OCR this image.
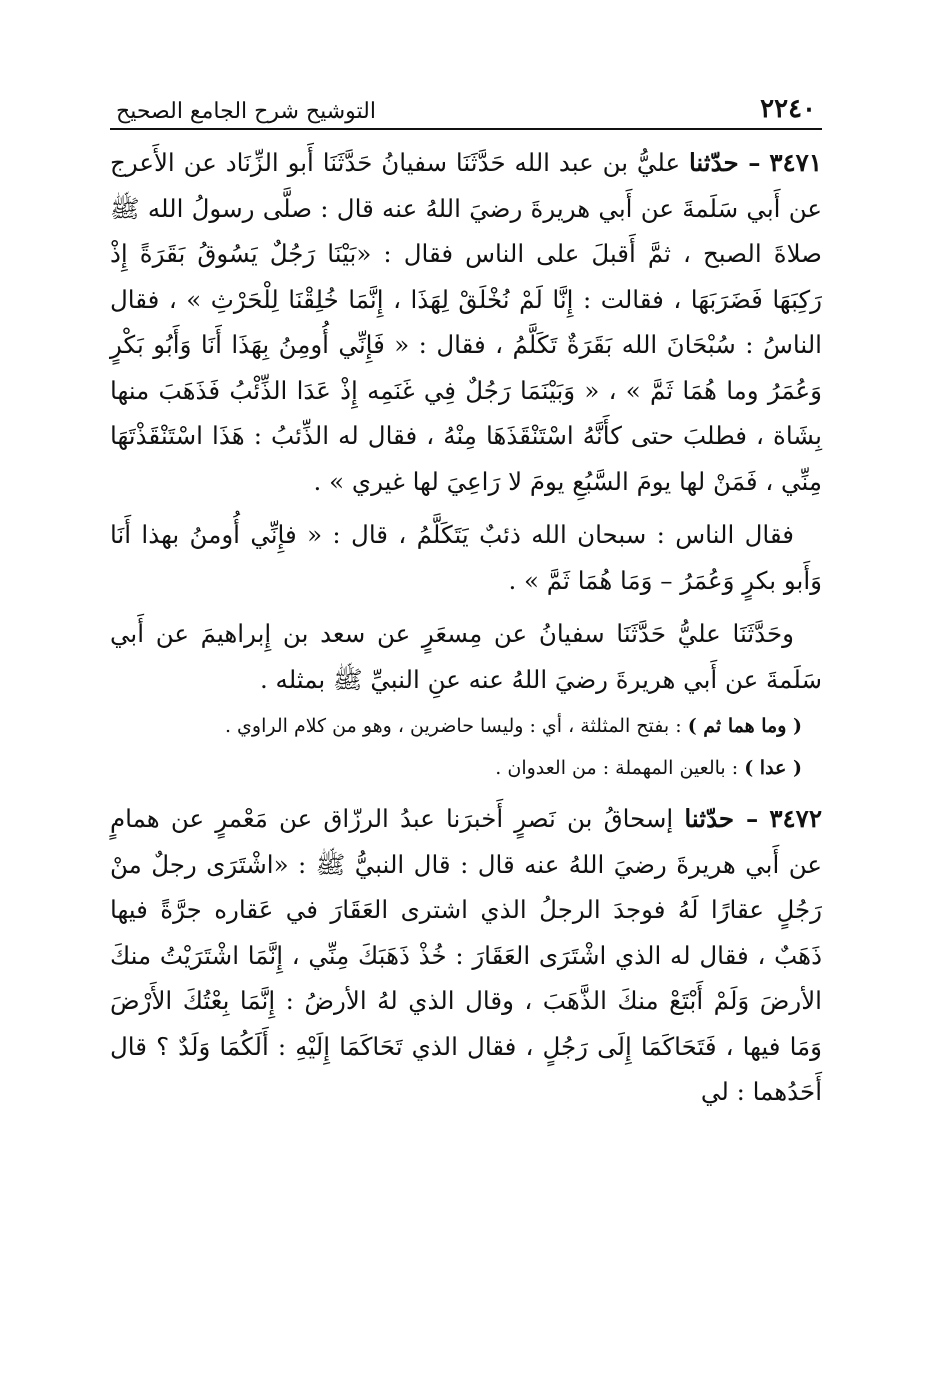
٢٢٤٠
التوشيح شرح الجامع الصحيح
٣٤٧١ – حدّثنا عليُّ بن عبد الله حَدَّثَنَا سفيانُ حَدَّثَنَا أَبو الزِّنَاد عن الأَعرج عن أَبي سَلَمةَ عن أَبي هريرةَ رضيَ اللهُ عنه قال : صلَّى رسولُ الله ﷺ صلاةَ الصبح ، ثمَّ أَقبلَ على الناس فقال : «بَيْنَا رَجُلٌ يَسُوقُ بَقَرَةً إِذْ رَكِبَهَا فَضَرَبَهَا ، فقالت : إِنَّا لَمْ نُخْلَقْ لِهَذَا ، إِنَّمَا خُلِقْنَا لِلْحَرْثِ » ، فقال الناسُ : سُبْحَانَ الله بَقَرَةٌ تَكَلَّمُ ، فقال : « فَإِنِّي أُومِنُ بِهَذَا أَنَا وَأَبُو بَكْرٍ وَعُمَرُ وما هُمَا ثَمَّ » ، « وَبَيْنَمَا رَجُلٌ فِي غَنَمِه إِذْ عَدَا الذِّئْبُ فَذَهَبَ منها بِشَاة ، فطلبَ حتى كأَنَّهُ اسْتَنْقَذَهَا مِنْهُ ، فقال له الذِّئبُ : هَذَا اسْتَنْقَذْتَهَا مِنِّي ، فَمَنْ لها يومَ السَّبُعِ يومَ لا رَاعِيَ لها غيري » .
فقال الناس : سبحان الله ذئبٌ يَتَكَلَّمُ ، قال : « فإِنِّي أُومنُ بهذا أَنَا وَأَبو بكرٍ وَعُمَرُ – وَمَا هُمَا ثَمَّ » .
وحَدَّثَنَا عليُّ حَدَّثَنَا سفيانُ عن مِسعَرٍ عن سعد بن إِبراهيمَ عن أَبي سَلَمةَ عن أَبي هريرةَ رضيَ اللهُ عنه عنِ النبيِّ ﷺ بمثله .
( وما هما ثم ) : بفتح المثلثة ، أي : وليسا حاضرين ، وهو من كلام الراوي .
( عدا ) : بالعين المهملة : من العدوان .
٣٤٧٢ – حدّثنا إسحاقُ بن نَصرٍ أَخبرَنا عبدُ الرزّاق عن مَعْمرٍ عن همامٍ عن أَبي هريرةَ رضيَ اللهُ عنه قال : قال النبيُّ ﷺ : «اشْتَرَى رجلٌ منْ رَجُلٍ عقارًا لَهُ فوجدَ الرجلُ الذي اشترى العَقَارَ في عَقاره جرَّةً فيها ذَهَبٌ ، فقال له الذي اشْتَرَى العَقَارَ : خُذْ ذَهَبَكَ مِنِّي ، إِنَّمَا اشْتَرَيْتُ منكَ الأرضَ وَلَمْ أَبْتَعْ منكَ الذَّهَبَ ، وقال الذي لهُ الأرضُ : إِنَّمَا بِعْتُكَ الأَرْضَ وَمَا فيها ، فَتَحَاكَمَا إِلَى رَجُلٍ ، فقال الذي تَحَاكَمَا إِلَيْهِ : أَلَكُمَا وَلَدٌ ؟ قال أَحَدُهما : لي
